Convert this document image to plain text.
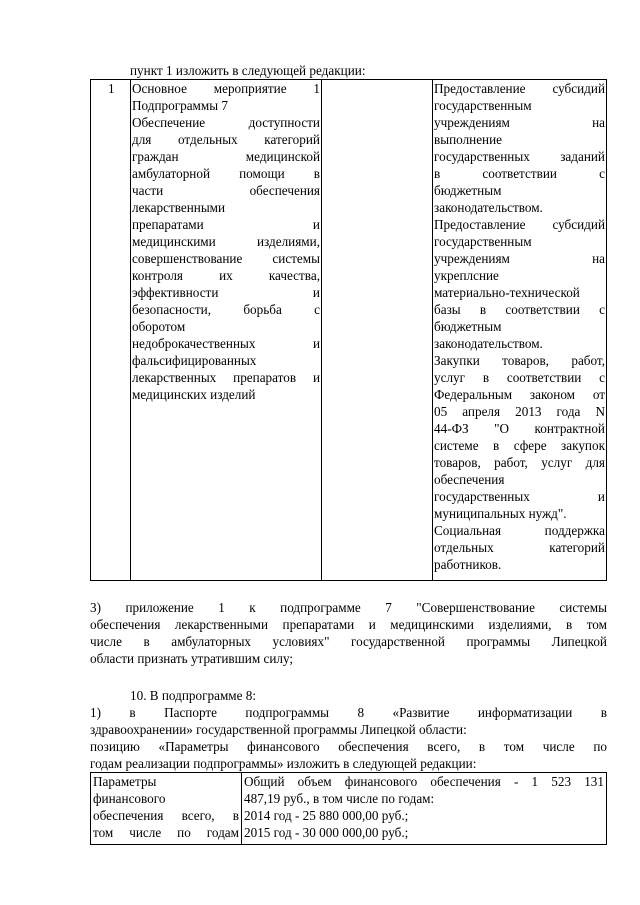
пункт 1 изложить в следующей редакции:
1 Основное мероприятие 1
Подпрограммы 7
Обеспечение доступности
для отдельных категорий
граждан медицинской
амбулаторной помощи в
части обеспечения
лекарственными
препаратами и
медицинскими изделиями,
совершенствование системы
контроля их качества,
эффективности и
безопасности, борьба с
оборотом
недоброкачественных и
фальсифицированных
лекарственных препаратов и
медицинских изделий
Предоставление субсидий
государственным
учреждениям на
выполнение
государственных заданий
в соответствии с
бюджетным
законодательством.
Предоставление субсидий
государственным
учреждениям на
укреплсние
материально-технической
базы в соответствии с
бюджетным
законодательством.
Закупки товаров, работ,
услуг в соответствии с
Федеральным законом от
05 апреля 2013 года N
44-ФЗ "О контрактной
системе в сфере закупок
товаров, работ, услуг для
обеспечения
государственных и
муниципальных нужд".
Социальная поддержка
отдельных категорий
работников.
3) приложение 1 к подпрограмме 7 "Совершенствование системы
обеспечения лекарственными препаратами и медицинскими изделиями, в том
числе в амбулаторных условиях" государственной программы Липецкой
области признать утратившим силу;
10. В подпрограмме 8:
1) в Паспорте подпрограммы 8 «Развитие информатизации в
здравоохранении» государственной программы Липецкой области:
позицию «Параметры финансового обеспечения всего, в том числе по
годам реализации подпрограммы» изложить в следующей редакции:
Параметры
финансового
обеспечения всего, в
том числе по годам
Общий объем финансового обеспечения - 1 523 131
487,19 руб., в том числе по годам:
2014 год - 25 880 000,00 руб.;
2015 год - 30 000 000,00 руб.;
